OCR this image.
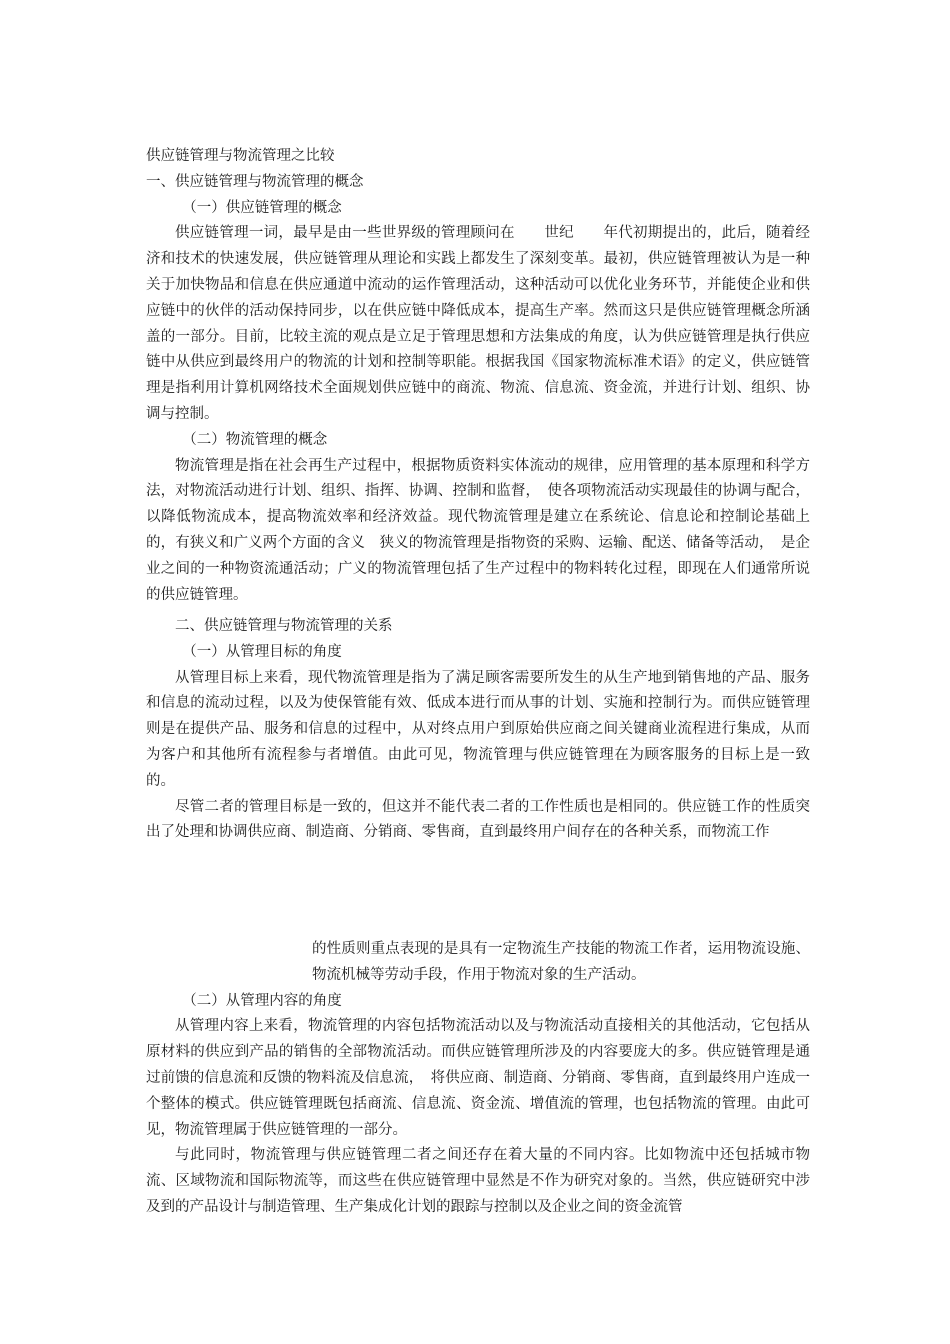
供应链管理与物流管理之比较

一、供应链管理与物流管理的概念

（一）供应链管理的概念

供应链管理一词，最早是由一些世界级的管理顾问在　　世纪　　年代初期提出的，此后，随着经济和技术的快速发展，供应链管理从理论和实践上都发生了深刻变革。最初，供应链管理被认为是一种关于加快物品和信息在供应通道中流动的运作管理活动，这种活动可以优化业务环节，并能使企业和供应链中的伙伴的活动保持同步，以在供应链中降低成本，提高生产率。然而这只是供应链管理概念所涵盖的一部分。目前，比较主流的观点是立足于管理思想和方法集成的角度，认为供应链管理是执行供应链中从供应到最终用户的物流的计划和控制等职能。根据我国《国家物流标准术语》的定义，供应链管理是指利用计算机网络技术全面规划供应链中的商流、物流、信息流、资金流，并进行计划、组织、协调与控制。

（二）物流管理的概念

物流管理是指在社会再生产过程中，根据物质资料实体流动的规律，应用管理的基本原理和科学方法，对物流活动进行计划、组织、指挥、协调、控制和监督，　使各项物流活动实现最佳的协调与配合，以降低物流成本，提高物流效率和经济效益。现代物流管理是建立在系统论、信息论和控制论基础上的，有狭义和广义两个方面的含义　狭义的物流管理是指物资的采购、运输、配送、储备等活动，　是企业之间的一种物资流通活动；广义的物流管理包括了生产过程中的物料转化过程，即现在人们通常所说的供应链管理。

二、供应链管理与物流管理的关系

（一）从管理目标的角度

从管理目标上来看，现代物流管理是指为了满足顾客需要所发生的从生产地到销售地的产品、服务和信息的流动过程，以及为使保管能有效、低成本进行而从事的计划、实施和控制行为。而供应链管理则是在提供产品、服务和信息的过程中，从对终点用户到原始供应商之间关键商业流程进行集成，从而为客户和其他所有流程参与者增值。由此可见，物流管理与供应链管理在为顾客服务的目标上是一致的。

尽管二者的管理目标是一致的，但这并不能代表二者的工作性质也是相同的。供应链工作的性质突出了处理和协调供应商、制造商、分销商、零售商，直到最终用户间存在的各种关系，而物流工作

的性质则重点表现的是具有一定物流生产技能的物流工作者，运用物流设施、物流机械等劳动手段，作用于物流对象的生产活动。

（二）从管理内容的角度

从管理内容上来看，物流管理的内容包括物流活动以及与物流活动直接相关的其他活动，它包括从原材料的供应到产品的销售的全部物流活动。而供应链管理所涉及的内容要庞大的多。供应链管理是通过前馈的信息流和反馈的物料流及信息流，　将供应商、制造商、分销商、零售商，直到最终用户连成一个整体的模式。供应链管理既包括商流、信息流、资金流、增值流的管理，也包括物流的管理。由此可见，物流管理属于供应链管理的一部分。

与此同时，物流管理与供应链管理二者之间还存在着大量的不同内容。比如物流中还包括城市物流、区域物流和国际物流等，而这些在供应链管理中显然是不作为研究对象的。当然，供应链研究中涉及到的产品设计与制造管理、生产集成化计划的跟踪与控制以及企业之间的资金流管
